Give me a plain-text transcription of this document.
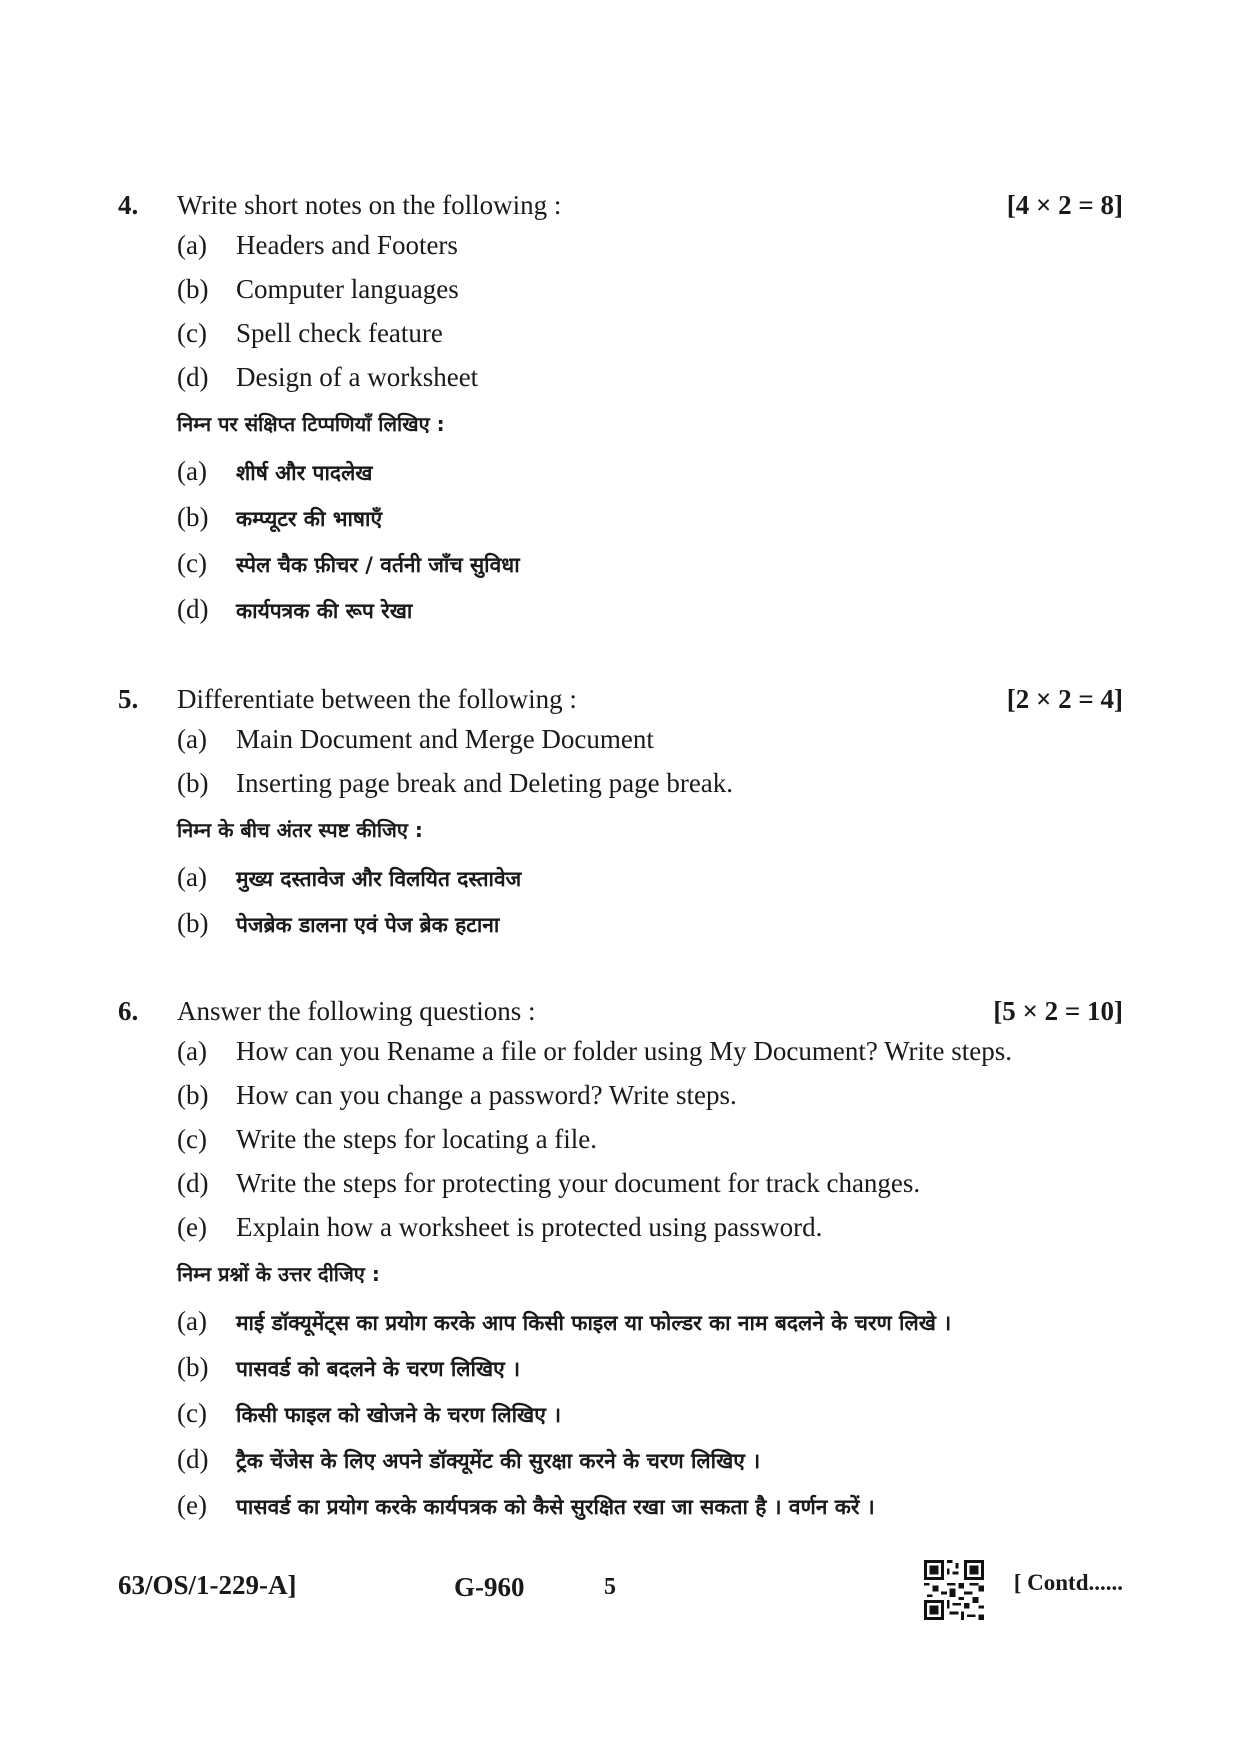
4. Write short notes on the following :	[4 × 2 = 8]
(a)	Headers and Footers
(b)	Computer languages
(c)	Spell check feature
(d)	Design of a worksheet
निम्न पर संक्षिप्त टिप्पणियाँ लिखिए :
(a)	शीर्ष और पादलेख
(b)	कम्प्यूटर की भाषाएँ
(c)	स्पेल चैक फ़ीचर / वर्तनी जाँच सुविधा
(d)	कार्यपत्रक की रूप रेखा
5. Differentiate between the following :	[2 × 2 = 4]
(a)	Main Document and Merge Document
(b)	Inserting page break and Deleting page break.
निम्न के बीच अंतर स्पष्ट कीजिए :
(a)	मुख्य दस्तावेज और विलयित दस्तावेज
(b)	पेजब्रेक डालना एवं पेज ब्रेक हटाना
6. Answer the following questions :	[5 × 2 = 10]
(a)	How can you Rename a file or folder using My Document? Write steps.
(b)	How can you change a password? Write steps.
(c)	Write the steps for locating a file.
(d)	Write the steps for protecting your document for track changes.
(e)	Explain how a worksheet is protected using password.
निम्न प्रश्नों के उत्तर दीजिए :
(a)	माई डॉक्यूमेंट्स का प्रयोग करके आप किसी फाइल या फोल्डर का नाम बदलने के चरण लिखे ।
(b)	पासवर्ड को बदलने के चरण लिखिए ।
(c)	किसी फाइल को खोजने के चरण लिखिए ।
(d)	ट्रैक चेंजेस के लिए अपने डॉक्यूमेंट की सुरक्षा करने के चरण लिखिए ।
(e)	पासवर्ड का प्रयोग करके कार्यपत्रक को कैसे सुरक्षित रखा जा सकता है । वर्णन करें ।
63/OS/1-229-A]	G-960	5	[ Contd......
